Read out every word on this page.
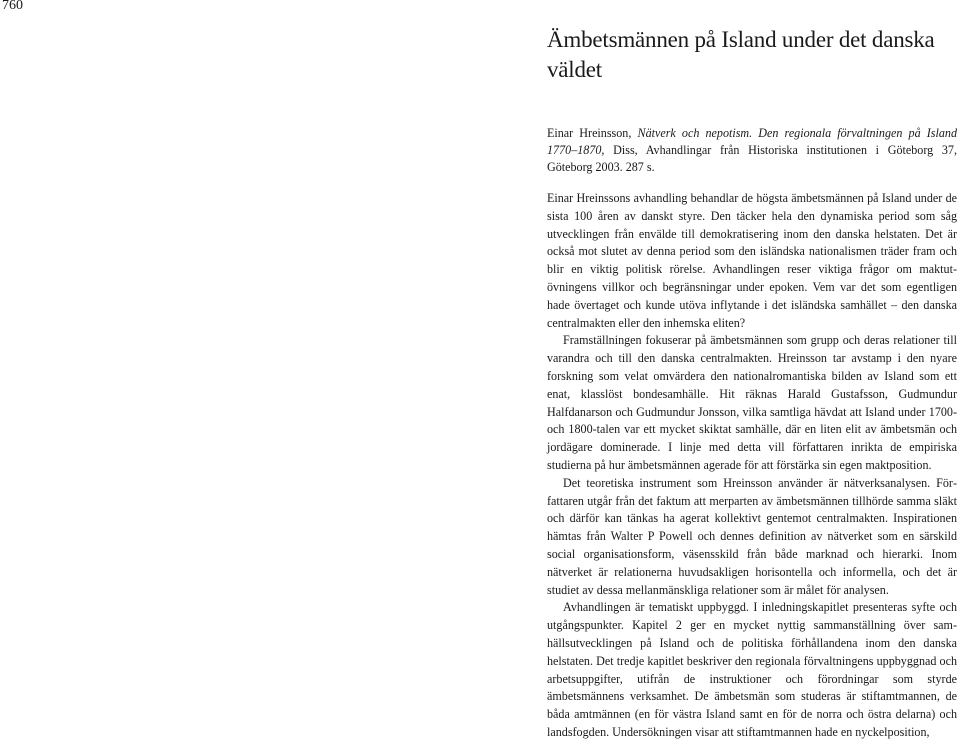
760
Ämbetsmännen på Island under det danska väldet

Einar Hreinsson, Nätverk och nepotism. Den regionala förvaltningen på Island 1770–1870, Diss, Avhandlingar från Historiska institutionen i Göteborg 37, Göteborg 2003. 287 s.

Einar Hreinssons avhandling behandlar de högsta ämbetsmännen på Island under de sista 100 åren av danskt styre. Den täcker hela den dynamiska period som såg utvecklingen från envälde till demokratisering inom den danska helstaten. Det är också mot slutet av denna period som den isländska nationalismen träder fram och blir en viktig politisk rörelse. Avhandlingen reser viktiga frågor om maktutövningens villkor och begränsningar under epoken. Vem var det som egentligen hade övertaget och kunde utöva inflytande i det isländska samhället – den danska centralmakten eller den inhemska eliten?

Framställningen fokuserar på ämbetsmännen som grupp och deras relationer till varandra och till den danska centralmakten. Hreinsson tar avstamp i den nyare forskning som velat omvärdera den nationalromantiska bilden av Island som ett enat, klasslöst bondesamhälle. Hit räknas Harald Gustafsson, Gudmundur Halfdanarson och Gudmundur Jonsson, vilka samtliga hävdat att Island under 1700- och 1800-talen var ett mycket skiktat samhälle, där en liten elit av ämbetsmän och jordägare dominerade. I linje med detta vill författaren inrikta de empiriska studierna på hur ämbetsmännen agerade för att förstärka sin egen maktposition.

Det teoretiska instrument som Hreinsson använder är nätverksanalysen. Författaren utgår från det faktum att merparten av ämbetsmännen tillhörde samma släkt och därför kan tänkas ha agerat kollektivt gentemot centralmakten. Inspirationen hämtas från Walter P Powell och dennes definition av nätverket som en särskild social organisationsform, väsensskild från både marknad och hierarki. Inom nätverket är relationerna huvudsakligen horisontella och informella, och det är studiet av dessa mellanmänskliga relationer som är målet för analysen.

Avhandlingen är tematiskt uppbyggd. I inledningskapitlet presenteras syfte och utgångspunkter. Kapitel 2 ger en mycket nyttig sammanställning över samhällsutvecklingen på Island och de politiska förhållandena inom den danska helstaten. Det tredje kapitlet beskriver den regionala förvaltningens uppbyggnad och arbetsuppgifter, utifrån de instruktioner och förordningar som styrde ämbetsmännens verksamhet. De ämbetsmän som studeras är stiftamtmannen, de båda amtmännen (en för västra Island samt en för de norra och östra delarna) och landsfogden. Undersökningen visar att stiftamtmannen hade en nyckelposition,
